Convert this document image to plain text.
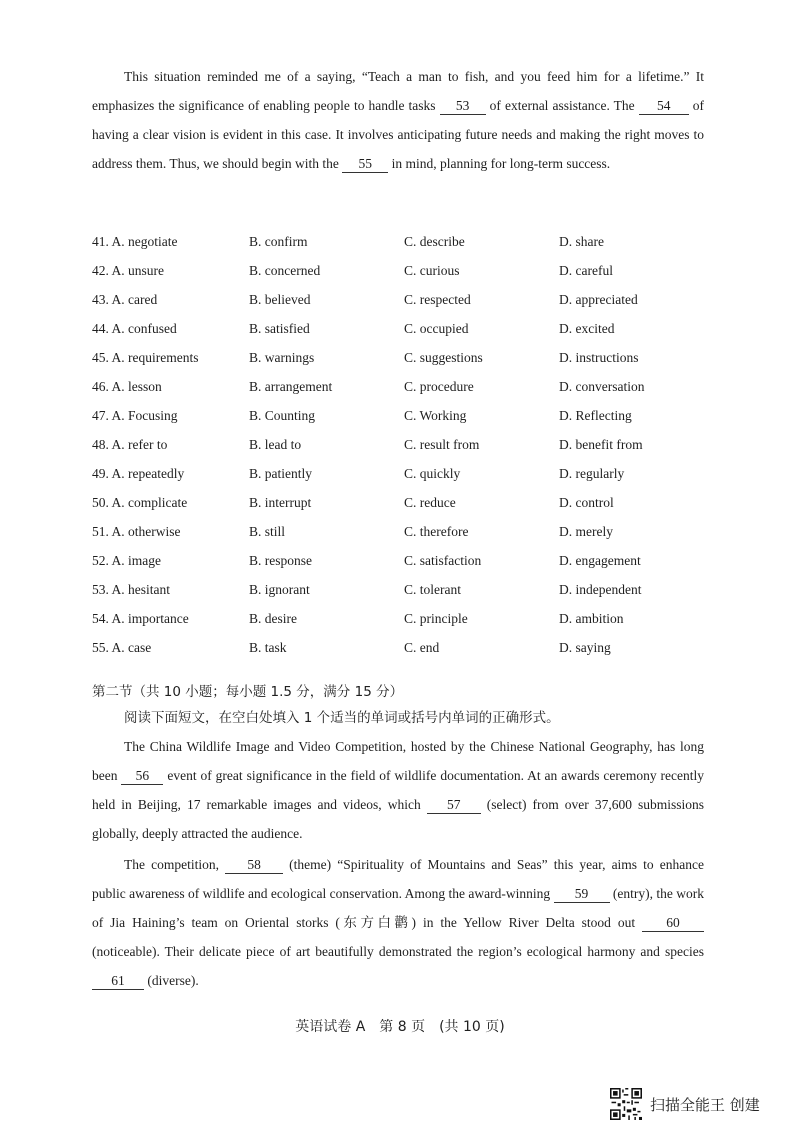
This situation reminded me of a saying, “Teach a man to fish, and you feed him for a lifetime.” It emphasizes the significance of enabling people to handle tasks 53 of external assistance. The 54 of having a clear vision is evident in this case. It involves anticipating future needs and making the right moves to address them. Thus, we should begin with the 55 in mind, planning for long-term success.

41. A. negotiate	B. confirm	C. describe	D. share
42. A. unsure	B. concerned	C. curious	D. careful
43. A. cared	B. believed	C. respected	D. appreciated
44. A. confused	B. satisfied	C. occupied	D. excited
45. A. requirements	B. warnings	C. suggestions	D. instructions
46. A. lesson	B. arrangement	C. procedure	D. conversation
47. A. Focusing	B. Counting	C. Working	D. Reflecting
48. A. refer to	B. lead to	C. result from	D. benefit from
49. A. repeatedly	B. patiently	C. quickly	D. regularly
50. A. complicate	B. interrupt	C. reduce	D. control
51. A. otherwise	B. still	C. therefore	D. merely
52. A. image	B. response	C. satisfaction	D. engagement
53. A. hesitant	B. ignorant	C. tolerant	D. independent
54. A. importance	B. desire	C. principle	D. ambition
55. A. case	B. task	C. end	D. saying
第二节（共 10 小题；每小题 1.5 分，满分 15 分）
阅读下面短文，在空白处填入 1 个适当的单词或括号内单词的正确形式。

The China Wildlife Image and Video Competition, hosted by the Chinese National Geography, has long been 56 event of great significance in the field of wildlife documentation. At an awards ceremony recently held in Beijing, 17 remarkable images and videos, which 57 (select) from over 37,600 submissions globally, deeply attracted the audience.

The competition, 58 (theme) “Spirituality of Mountains and Seas” this year, aims to enhance public awareness of wildlife and ecological conservation. Among the award-winning 59 (entry), the work of Jia Haining’s team on Oriental storks (东方白鹳) in the Yellow River Delta stood out 60 (noticeable). Their delicate piece of art beautifully demonstrated the region’s ecological harmony and species 61 (diverse).

英语试卷 A　第 8 页　(共 10 页)
扫描全能王 创建
